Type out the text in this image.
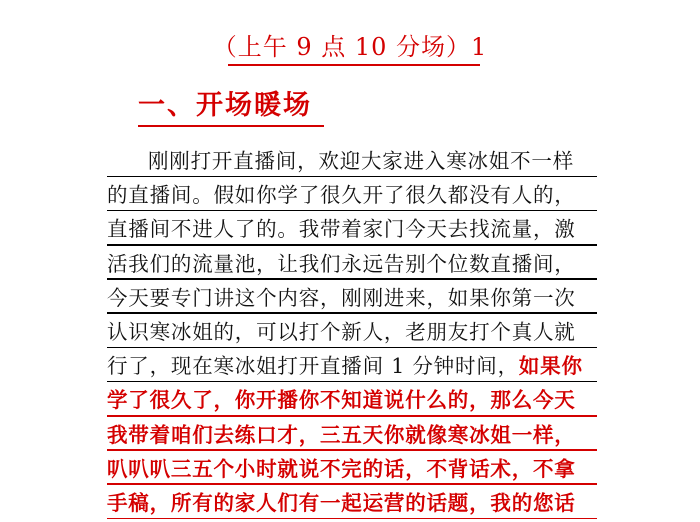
（上午 9 点 10 分场）1
一、开场暖场
刚刚打开直播间，欢迎大家进入寒冰姐不一样
的直播间。假如你学了很久开了很久都没有人的，
直播间不进人了的。我带着家门今天去找流量，激
活我们的流量池，让我们永远告别个位数直播间，
今天要专门讲这个内容，刚刚进来，如果你第一次
认识寒冰姐的，可以打个新人，老朋友打个真人就
行了，现在寒冰姐打开直播间 1 分钟时间，如果你
学了很久了，你开播你不知道说什么的，那么今天
我带着咱们去练口才，三五天你就像寒冰姐一样，
叭叭叭三五个小时就说不完的话，不背话术，不拿
手稿，所有的家人们有一起运营的话题，我的您话
